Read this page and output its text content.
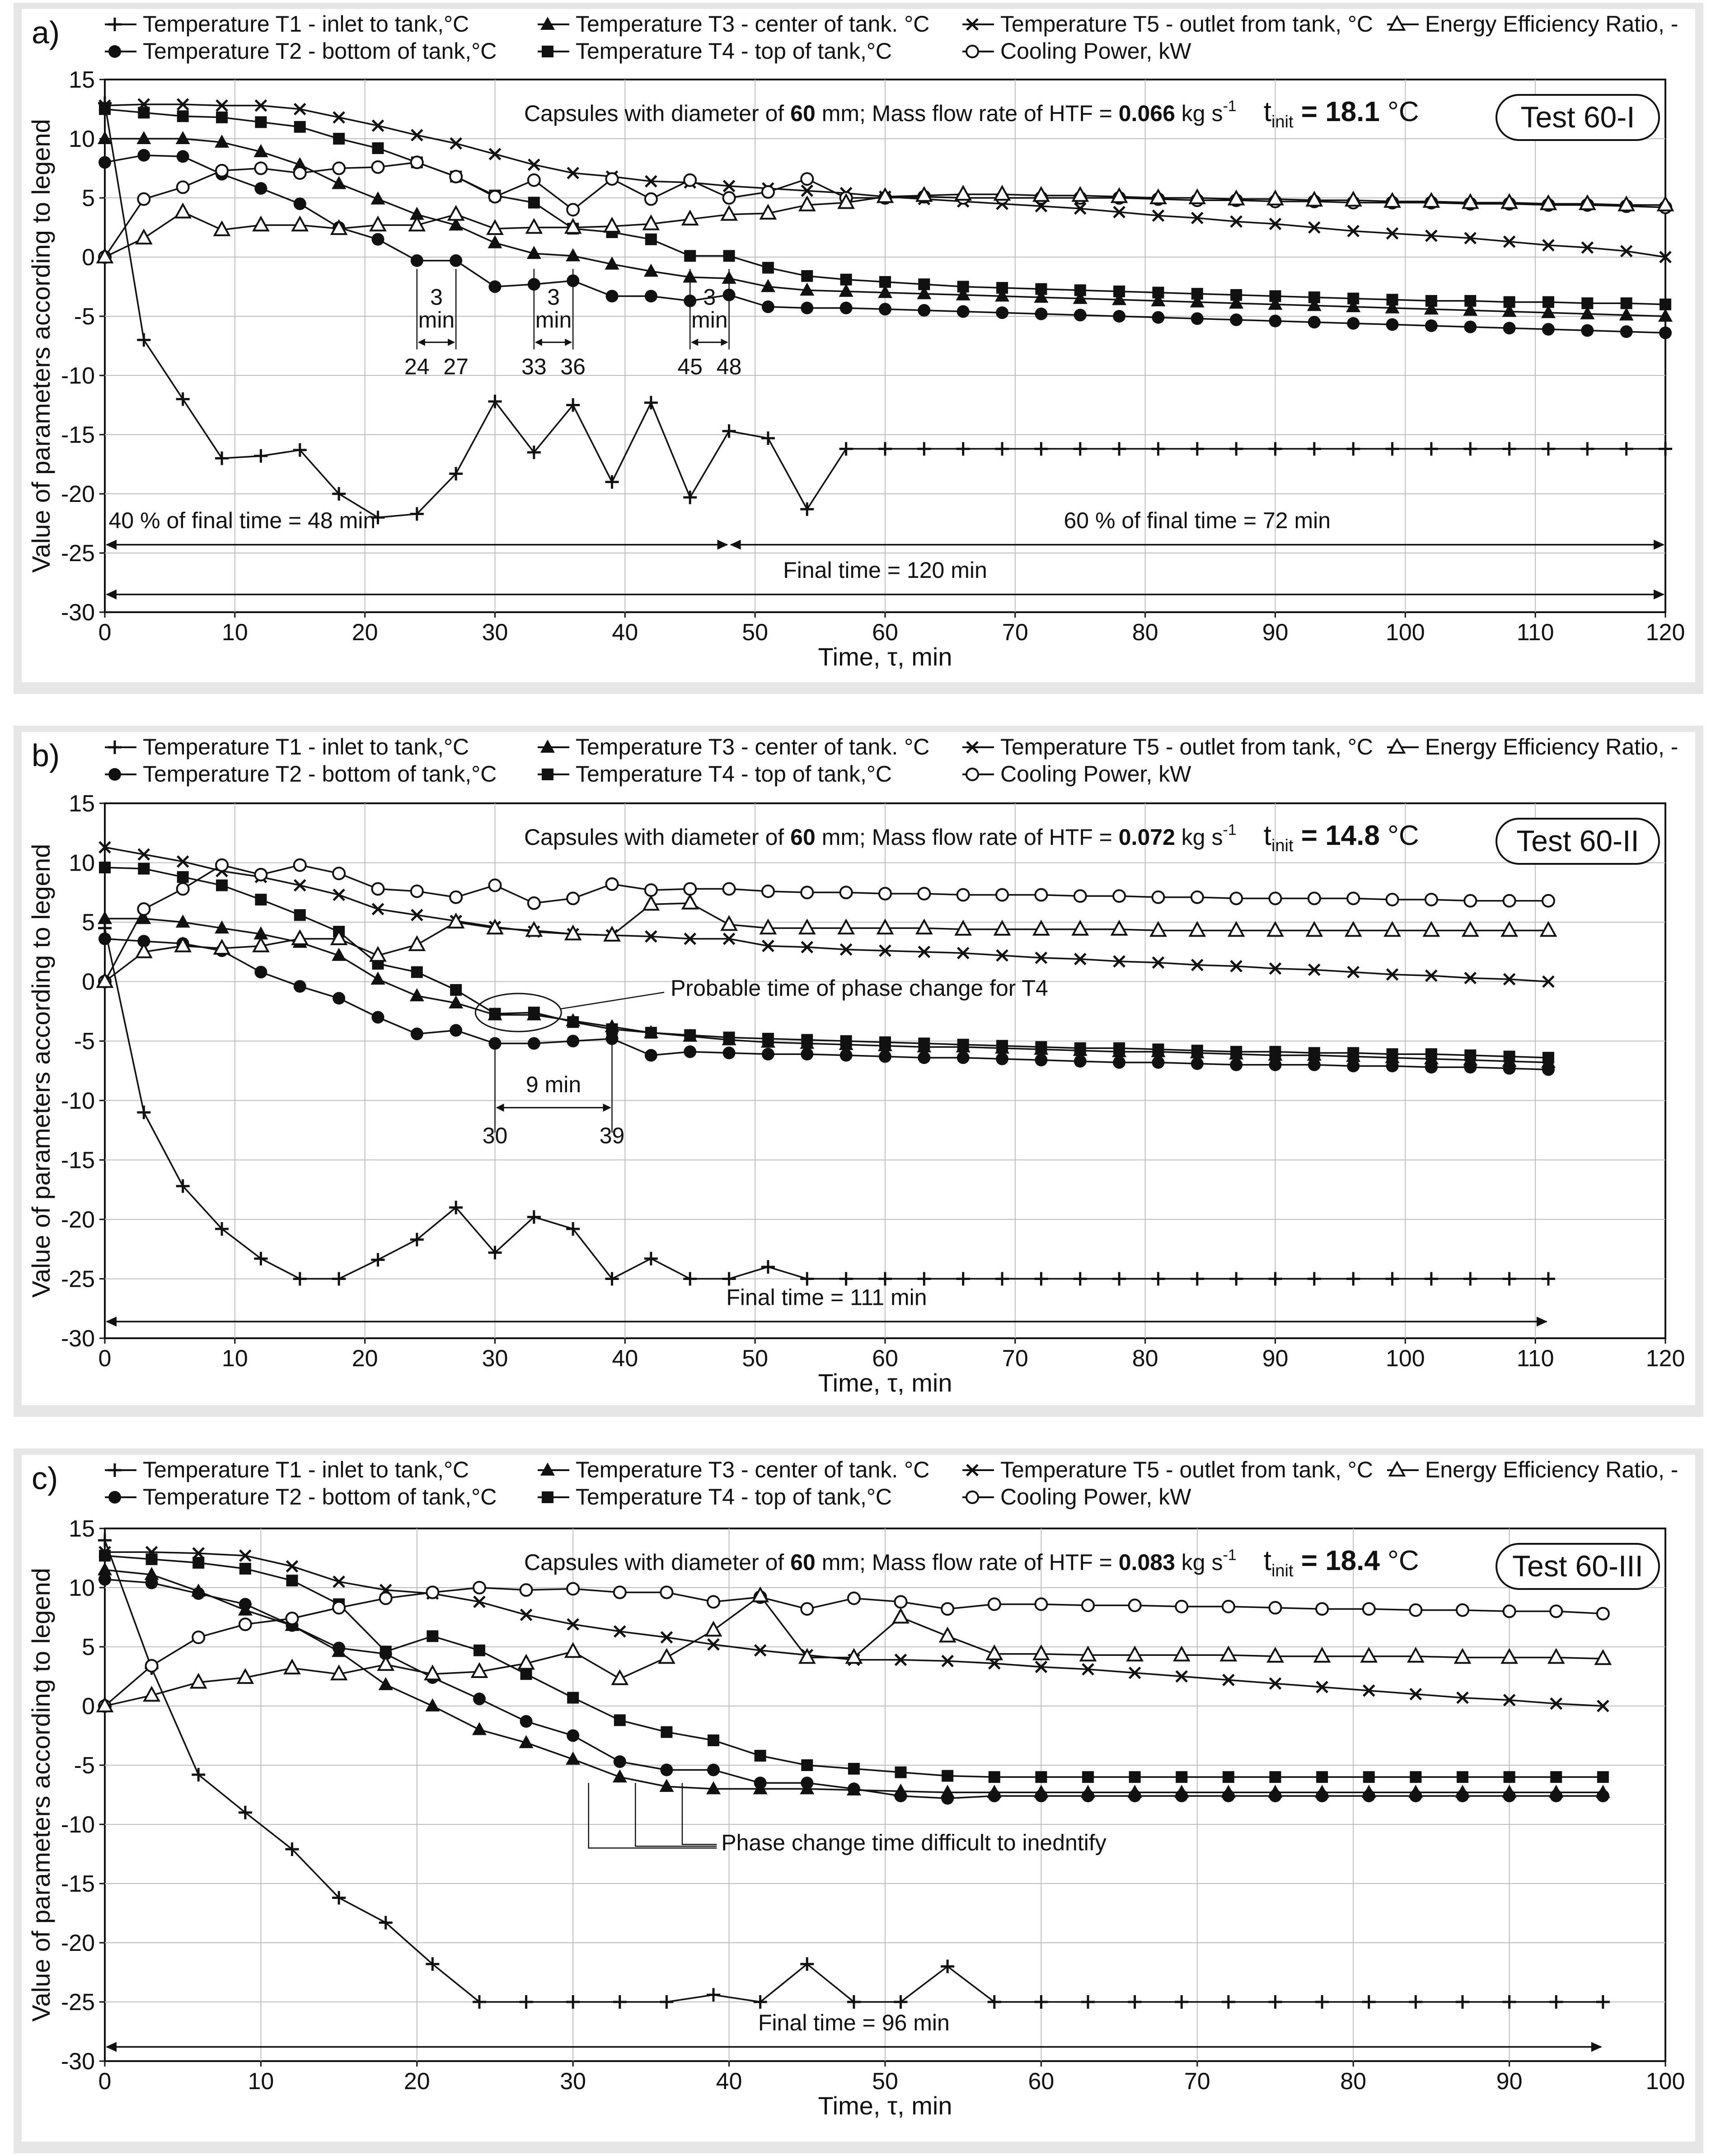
0	10	20	30	40	50	60	70	80	90	100	110	120
15
10
5
0
-5
-10
-15
-20
-25
-30
Time, τ, min
Value of parameters according to legend
a)	Temperature T1 - inlet to tank,°C
Temperature T2 - bottom of tank,°C
Temperature T3 - center of tank. °C
Temperature T4 - top of tank,°C
Temperature T5 - outlet from tank, °C
Cooling Power, kW
Energy Efficiency Ratio, -
Capsules with diameter of 60 mm; Mass flow rate of HTF = 0.066 kg $s^{-1}$ $t_{init} = 18.1$ °C	Test 60-I
3
min
24 27
3
min
33 36
3
min
45 48
40 % of final time = 48 min	60 % of final time = 72 min
Final time = 120 min
0	10	20	30	40	50	60	70	80	90	100	110	120
15
10
5
0
-5
-10
-15
-20
-25
-30
Time, τ, min
Value of parameters according to legend
b)	Temperature T1 - inlet to tank,°C
Temperature T2 - bottom of tank,°C
Temperature T3 - center of tank. °C
Temperature T4 - top of tank,°C
Temperature T5 - outlet from tank, °C
Cooling Power, kW
Energy Efficiency Ratio, -
Capsules with diameter of 60 mm; Mass flow rate of HTF = 0.072 kg $s^{-1}$ $t_{init} = 14.8$ °C	Test 60-II
9 min
30	39
Probable time of phase change for T4
Final time = 111 min
0	10	20	30	40	50	60	70	80	90	100
15
10
5
0
-5
-10
-15
-20
-25
-30
Time, τ, min
Value of parameters according to legend
c)	Temperature T1 - inlet to tank,°C
Temperature T2 - bottom of tank,°C
Temperature T3 - center of tank. °C
Temperature T4 - top of tank,°C
Temperature T5 - outlet from tank, °C
Cooling Power, kW
Energy Efficiency Ratio, -
Capsules with diameter of 60 mm; Mass flow rate of HTF = 0.083 kg $s^{-1}$ $t_{init} = 18.4$ °C	Test 60-III
Phase change time difficult to inedntify
Final time = 96 min
